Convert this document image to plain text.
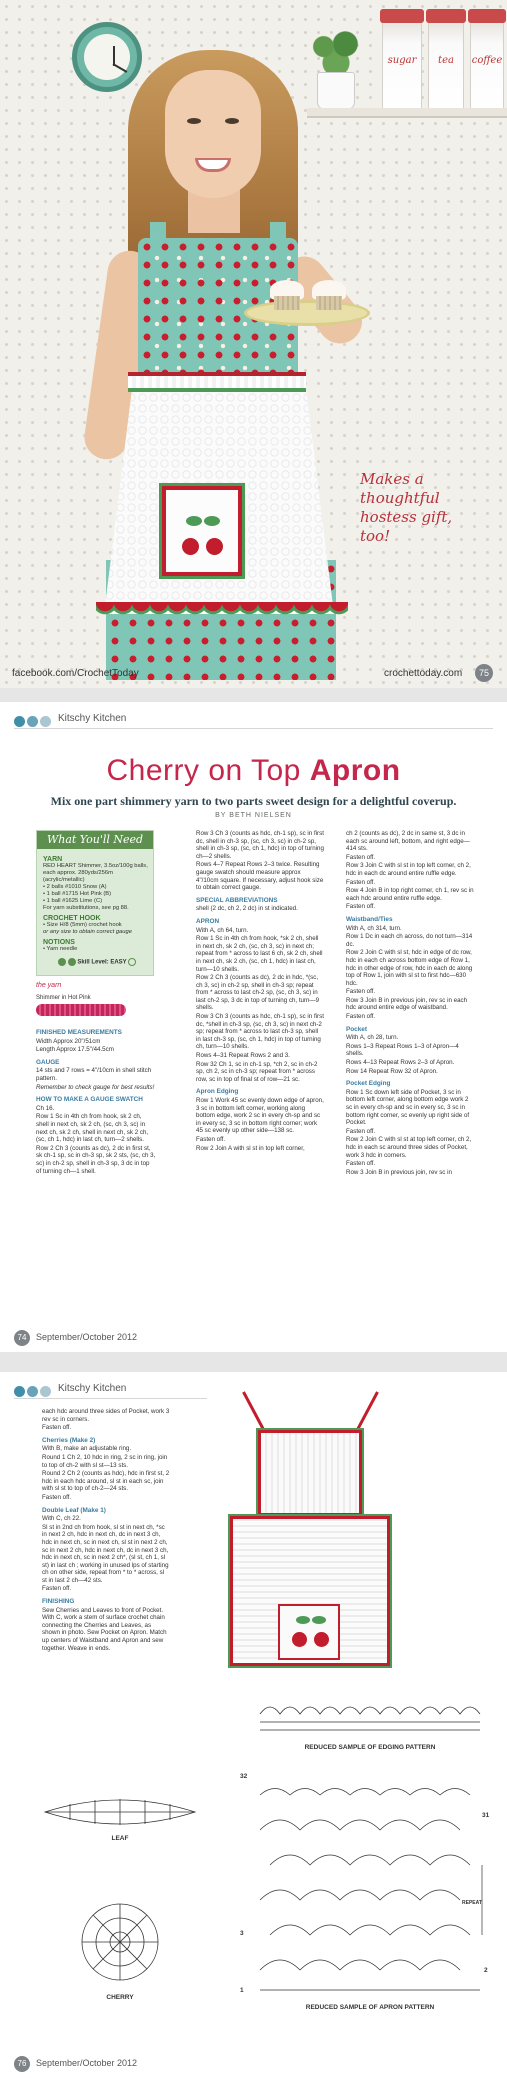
sugar	tea	coffee
Makes a thoughtful hostess gift, too!
facebook.com/CrochetToday	crochettoday.com	75
Kitschy Kitchen
Cherry on Top Apron
Mix one part shimmery yarn to two parts sweet design for a delightful coverup.
BY BETH NIELSEN
What You'll Need
YARN

RED HEART Shimmer, 3.5oz/100g balls, each approx. 280yds/256m (acrylic/metallic)

• 2 balls #1010 Snow (A)

• 1 ball #1715 Hot Pink (B)

• 1 ball #1625 Lime (C)

For yarn substitutions, see pg 88.

CROCHET HOOK

• Size H/8 (5mm) crochet hook

or any size to obtain correct gauge

NOTIONS

• Yarn needle

Skill Level: EASY
the yarn
Shimmer in Hot Pink
FINISHED MEASUREMENTS

Width Approx 20"/51cm

Length Approx 17.5"/44.5cm

GAUGE

14 sts and 7 rows = 4"/10cm in shell stitch pattern.

Remember to check gauge for best results!

HOW TO MAKE A GAUGE SWATCH

Ch 16.

Row 1 Sc in 4th ch from hook, sk 2 ch, shell in next ch, sk 2 ch, (sc, ch 3, sc) in next ch, sk 2 ch, shell in next ch, sk 2 ch, (sc, ch 1, hdc) in last ch, turn—2 shells.

Row 2 Ch 3 (counts as dc), 2 dc in first st, sk ch-1 sp, sc in ch-3 sp, sk 2 sts, (sc, ch 3, sc) in ch-2 sp, shell in ch-3 sp, 3 dc in top of turning ch—1 shell.

Row 3 Ch 3 (counts as hdc, ch-1 sp), sc in first dc, shell in ch-3 sp, (sc, ch 3, sc) in ch-2 sp, shell in ch-3 sp, (sc, ch 1, hdc) in top of turning ch—2 shells.

Rows 4–7 Repeat Rows 2–3 twice. Resulting gauge swatch should measure approx 4"/10cm square. If necessary, adjust hook size to obtain correct gauge.

SPECIAL ABBREVIATIONS

shell (2 dc, ch 2, 2 dc) in st indicated.

APRON

With A, ch 64, turn.

Row 1 Sc in 4th ch from hook, *sk 2 ch, shell in next ch, sk 2 ch, (sc, ch 3, sc) in next ch; repeat from * across to last 6 ch, sk 2 ch, shell in next ch, sk 2 ch, (sc, ch 1, hdc) in last ch, turn—10 shells.

Row 2 Ch 3 (counts as dc), 2 dc in hdc, *(sc, ch 3, sc) in ch-2 sp, shell in ch-3 sp; repeat from * across to last ch-2 sp, (sc, ch 3, sc) in last ch-2 sp, 3 dc in top of turning ch, turn—9 shells.

Row 3 Ch 3 (counts as hdc, ch-1 sp), sc in first dc, *shell in ch-3 sp, (sc, ch 3, sc) in next ch-2 sp; repeat from * across to last ch-3 sp, shell in last ch-3 sp, (sc, ch 1, hdc) in top of turning ch, turn—10 shells.

Rows 4–31 Repeat Rows 2 and 3.

Row 32 Ch 1, sc in ch-1 sp, *ch 2, sc in ch-2 sp, ch 2, sc in ch-3 sp; repeat from * across row, sc in top of final st of row—21 sc.

Apron Edging

Row 1 Work 45 sc evenly down edge of apron, 3 sc in bottom left corner, working along bottom edge, work 2 sc in every ch-sp and sc in every sc, 3 sc in bottom right corner; work 45 sc evenly up other side—138 sc.

Fasten off.

Row 2 Join A with sl st in top left corner,

ch 2 (counts as dc), 2 dc in same st, 3 dc in each sc around left, bottom, and right edge—414 sts.

Fasten off.

Row 3 Join C with sl st in top left corner, ch 2, hdc in each dc around entire ruffle edge.

Fasten off.

Row 4 Join B in top right corner, ch 1, rev sc in each hdc around entire ruffle edge.

Fasten off.

Waistband/Ties

With A, ch 314, turn.

Row 1 Dc in each ch across, do not turn—314 dc.

Row 2 Join C with sl st, hdc in edge of dc row, hdc in each ch across bottom edge of Row 1, hdc in other edge of row, hdc in each dc along top of Row 1, join with sl st to first hdc—630 hdc.

Fasten off.

Row 3 Join B in previous join, rev sc in each hdc around entire edge of waistband.

Fasten off.

Pocket

With A, ch 28, turn.

Rows 1–3 Repeat Rows 1–3 of Apron—4 shells.

Rows 4–13 Repeat Rows 2–3 of Apron.

Row 14 Repeat Row 32 of Apron.

Pocket Edging

Row 1 Sc down left side of Pocket, 3 sc in bottom left corner, along bottom edge work 2 sc in every ch-sp and sc in every sc, 3 sc in bottom right corner, sc evenly up right side of Pocket.

Fasten off.

Row 2 Join C with sl st at top left corner, ch 2, hdc in each sc around three sides of Pocket, work 3 hdc in corners.

Fasten off.

Row 3 Join B in previous join, rev sc in

74 September/October 2012
Kitschy Kitchen

each hdc around three sides of Pocket, work 3 rev sc in corners.

Fasten off.

Cherries (Make 2)

With B, make an adjustable ring.

Round 1 Ch 2, 10 hdc in ring, 2 sc in ring, join to top of ch-2 with sl st—13 sts.

Round 2 Ch 2 (counts as hdc), hdc in first st, 2 hdc in each hdc around, sl st in each sc, join with sl st to top of ch-2—24 sts.

Fasten off.

Double Leaf (Make 1)

With C, ch 22.

Sl st in 2nd ch from hook, sl st in next ch, *sc in next 2 ch, hdc in next ch, dc in next 3 ch, hdc in next ch, sc in next ch, sl st in next 2 ch, sc in next 2 ch, hdc in next ch, dc in next 3 ch, hdc in next ch, sc in next 2 ch*, (sl st, ch 1, sl st) in last ch ; working in unused lps of starting ch on other side, repeat from * to * across, sl st in last 2 ch—42 sts.

Fasten off.

FINISHING

Sew Cherries and Leaves to front of Pocket. With C, work a stem of surface crochet chain connecting the Cherries and Leaves, as shown in photo. Sew Pocket on Apron. Match up centers of Waistband and Apron and sew together. Weave in ends.

REDUCED SAMPLE OF EDGING PATTERN
LEAF
CHERRY
32
31
3
2
1
REPEAT
REDUCED SAMPLE OF APRON PATTERN
76 September/October 2012
